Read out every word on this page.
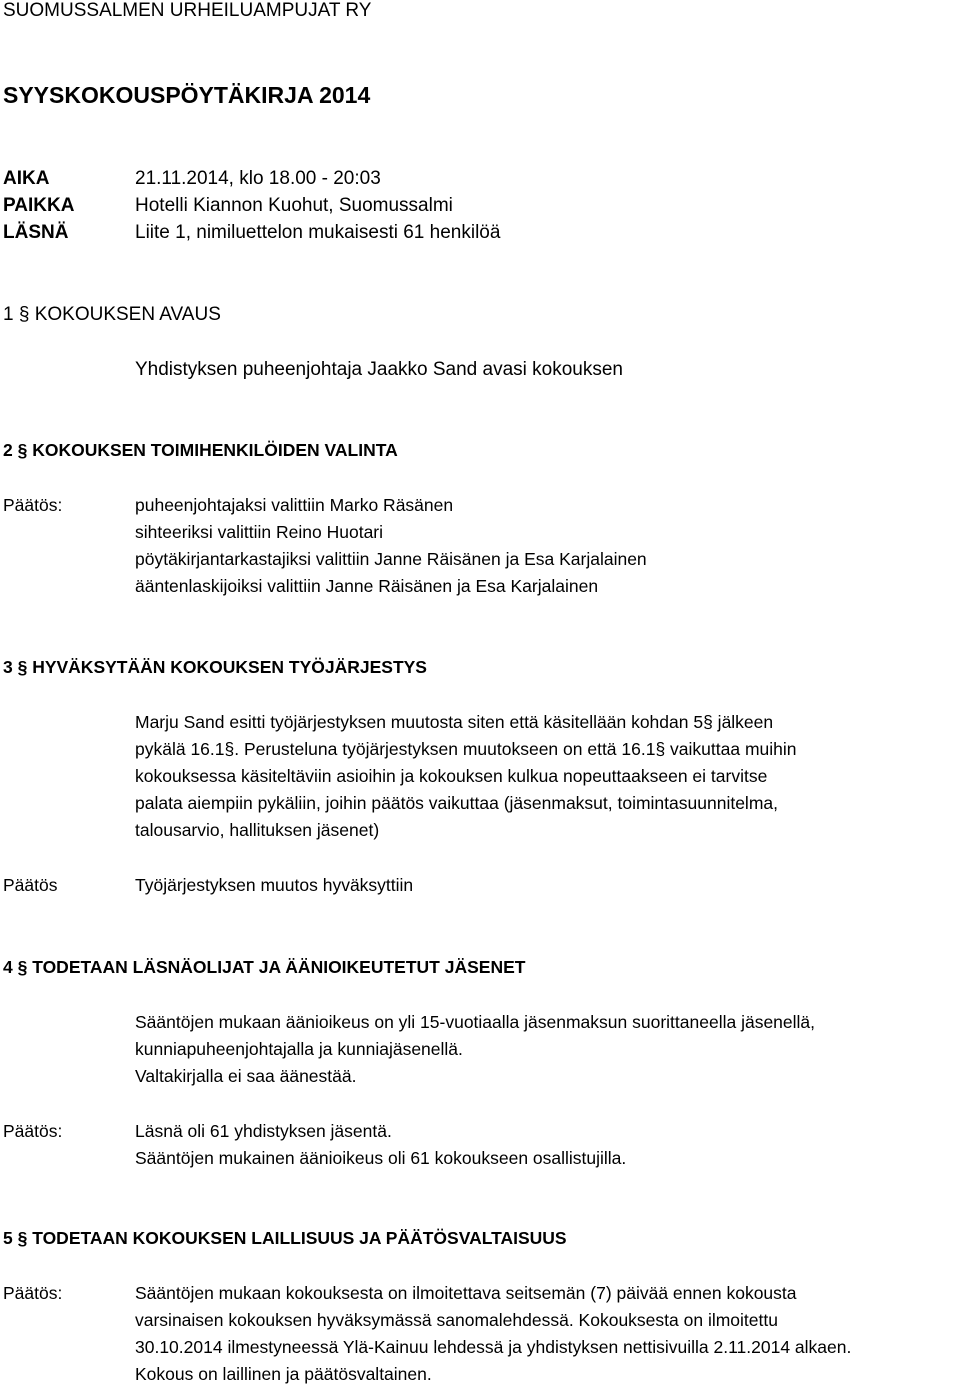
SUOMUSSALMEN URHEILUAMPUJAT RY
SYYSKOKOUSPÖYTÄKIRJA 2014
AIKA	21.11.2014, klo 18.00 - 20:03
PAIKKA	Hotelli Kiannon Kuohut, Suomussalmi
LÄSNÄ	Liite 1, nimiluettelon mukaisesti 61 henkilöä
1 § KOKOUKSEN AVAUS
Yhdistyksen puheenjohtaja Jaakko Sand avasi kokouksen
2 § KOKOUKSEN TOIMIHENKILÖIDEN VALINTA
Päätös:	puheenjohtajaksi valittiin Marko Räsänen

sihteeriksi valittiin Reino Huotari

pöytäkirjantarkastajiksi valittiin Janne Räisänen ja Esa Karjalainen

ääntenlaskijoiksi valittiin Janne Räisänen ja Esa Karjalainen

3 § HYVÄKSYTÄÄN KOKOUKSEN TYÖJÄRJESTYS

Marju Sand esitti työjärjestyksen muutosta siten että käsitellään kohdan 5§ jälkeen

pykälä 16.1§. Perusteluna työjärjestyksen muutokseen on että 16.1§ vaikuttaa muihin

kokouksessa käsiteltäviin asioihin ja kokouksen kulkua nopeuttaakseen ei tarvitse

palata aiempiin pykäliin, joihin päätös vaikuttaa (jäsenmaksut, toimintasuunnitelma,

talousarvio, hallituksen jäsenet)

Päätös	Työjärjestyksen muutos hyväksyttiin
4 § TODETAAN LÄSNÄOLIJAT JA ÄÄNIOIKEUTETUT JÄSENET

Sääntöjen mukaan äänioikeus on yli 15-vuotiaalla jäsenmaksun suorittaneella jäsenellä,

kunniapuheenjohtajalla ja kunniajäsenellä.

Valtakirjalla ei saa äänestää.

Päätös:	Läsnä oli 61 yhdistyksen jäsentä.

Sääntöjen mukainen äänioikeus oli 61 kokoukseen osallistujilla.

5 § TODETAAN KOKOUKSEN LAILLISUUS JA PÄÄTÖSVALTAISUUS
Päätös:	Sääntöjen mukaan kokouksesta on ilmoitettava seitsemän (7) päivää ennen kokousta

varsinaisen kokouksen hyväksymässä sanomalehdessä. Kokouksesta on ilmoitettu

30.10.2014 ilmestyneessä Ylä-Kainuu lehdessä ja yhdistyksen nettisivuilla 2.11.2014 alkaen.

Kokous on laillinen ja päätösvaltainen.
